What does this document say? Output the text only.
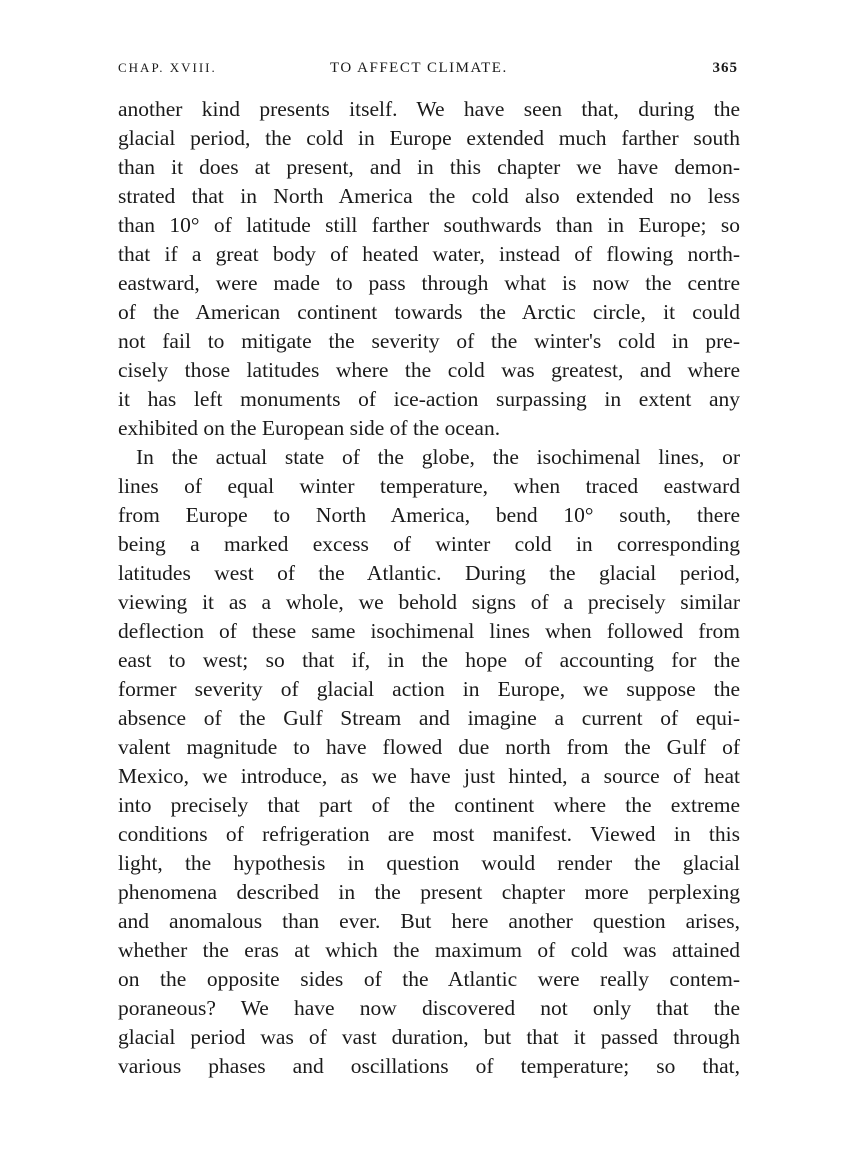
CHAP. XVIII.	TO AFFECT CLIMATE.	365
another kind presents itself. We have seen that, during the
glacial period, the cold in Europe extended much farther south
than it does at present, and in this chapter we have demon-
strated that in North America the cold also extended no less
than 10° of latitude still farther southwards than in Europe; so
that if a great body of heated water, instead of flowing north-
eastward, were made to pass through what is now the centre
of the American continent towards the Arctic circle, it could
not fail to mitigate the severity of the winter's cold in pre-
cisely those latitudes where the cold was greatest, and where
it has left monuments of ice-action surpassing in extent any
exhibited on the European side of the ocean.
In the actual state of the globe, the isochimenal lines, or
lines of equal winter temperature, when traced eastward
from Europe to North America, bend 10° south, there
being a marked excess of winter cold in corresponding
latitudes west of the Atlantic. During the glacial period,
viewing it as a whole, we behold signs of a precisely similar
deflection of these same isochimenal lines when followed from
east to west; so that if, in the hope of accounting for the
former severity of glacial action in Europe, we suppose the
absence of the Gulf Stream and imagine a current of equi-
valent magnitude to have flowed due north from the Gulf of
Mexico, we introduce, as we have just hinted, a source of heat
into precisely that part of the continent where the extreme
conditions of refrigeration are most manifest. Viewed in this
light, the hypothesis in question would render the glacial
phenomena described in the present chapter more perplexing
and anomalous than ever. But here another question arises,
whether the eras at which the maximum of cold was attained
on the opposite sides of the Atlantic were really contem-
poraneous? We have now discovered not only that the
glacial period was of vast duration, but that it passed through
various phases and oscillations of temperature; so that,
